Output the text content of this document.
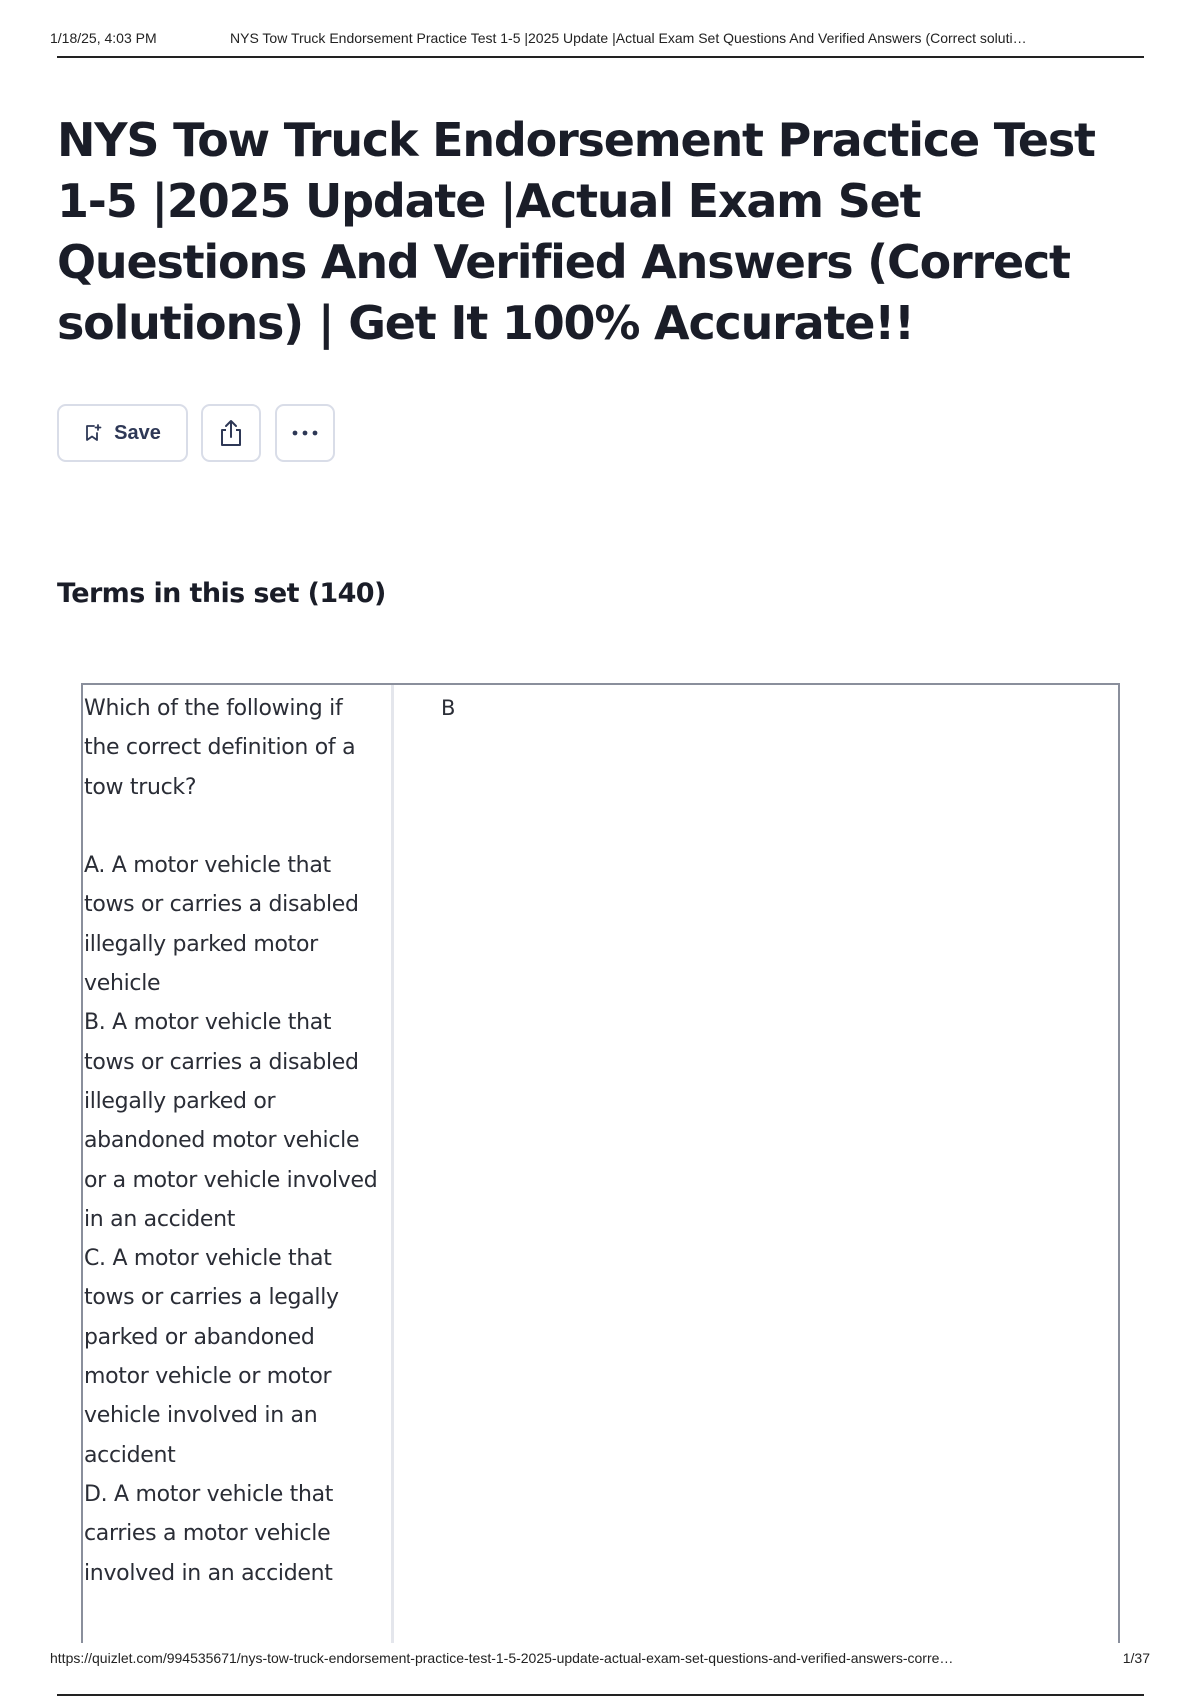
1/18/25, 4:03 PM	NYS Tow Truck Endorsement Practice Test 1-5 |2025 Update |Actual Exam Set Questions And Verified Answers (Correct soluti…
NYS Tow Truck Endorsement Practice Test 1-5 |2025 Update |Actual Exam Set Questions And Verified Answers (Correct solutions) | Get It 100% Accurate!!
Save
Terms in this set (140)
Which of the following if the correct definition of a tow truck?

A. A motor vehicle that tows or carries a disabled illegally parked motor vehicle
B. A motor vehicle that tows or carries a disabled illegally parked or abandoned motor vehicle or a motor vehicle involved in an accident
C. A motor vehicle that tows or carries a legally parked or abandoned motor vehicle or motor vehicle involved in an accident
D. A motor vehicle that carries a motor vehicle involved in an accident
B
https://quizlet.com/994535671/nys-tow-truck-endorsement-practice-test-1-5-2025-update-actual-exam-set-questions-and-verified-answers-corre…	1/37
